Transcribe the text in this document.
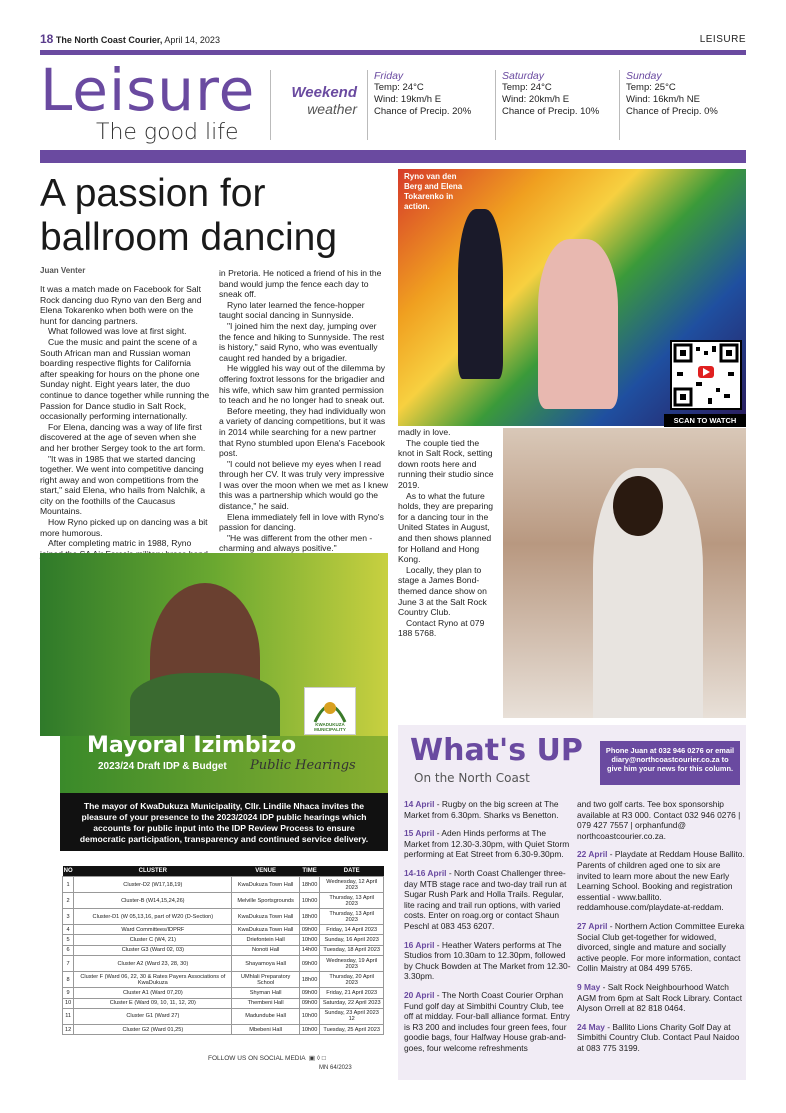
18 The North Coast Courier, April 14, 2023	LEISURE
Leisure
The good life
Weekend
weather
Friday
Temp: 24°C
Wind: 19km/h E
Chance of Precip. 20%
Saturday
Temp: 24°C
Wind: 20km/h E
Chance of Precip. 10%
Sunday
Temp: 25°C
Wind: 16km/h NE
Chance of Precip. 0%
A passion for ballroom dancing
Juan Venter

It was a match made on Facebook for Salt Rock dancing duo Ryno van den Berg and Elena Tokarenko when both were on the hunt for dancing partners.

What followed was love at first sight.

Cue the music and paint the scene of a South African man and Russian woman boarding respective flights for California after speaking for hours on the phone one Sunday night. Eight years later, the duo continue to dance together while running the Passion for Dance studio in Salt Rock, occasionally performing internationally.

For Elena, dancing was a way of life first discovered at the age of seven when she and her brother Sergey took to the art form.

"It was in 1985 that we started dancing together. We went into competitive dancing right away and won competitions from the start," said Elena, who hails from Nalchik, a city on the foothills of the Caucasus Mountains.

How Ryno picked up on dancing was a bit more humorous.

After completing matric in 1988, Ryno

in Pretoria. He noticed a friend of his in the band would jump the fence each day to sneak off.

Ryno later learned the fence-hopper taught social dancing in Sunnyside.

"I joined him the next day, jumping over the fence and hiking to Sunnyside. The rest is history," said Ryno, who was eventually caught red handed by a brigadier.

He wiggled his way out of the dilemma by offering foxtrot lessons for the brigadier and his wife, which saw him granted permission to teach and he no longer had to sneak out.

Before meeting, they had individually won a variety of dancing competitions, but it was in 2014 while searching for a new partner that Ryno stumbled upon Elena's Facebook post.

"I could not believe my eyes when I read through her CV. It was truly very impressive I was over the moon when we met as I knew this was a partnership which would go the distance," he said.

Elena immediately fell in love with Ryno's passion for dancing.

"He was different from the other men - charming and always positive."

Ryno van den Berg and Elena Tokarenko in action.
SCAN TO WATCH

madly in love.

The couple tied the knot in Salt Rock, setting down roots here and running their studio since 2019.

As to what the future holds, they are preparing for a dancing tour in the United States in August, and then shows planned for Holland and Hong Kong.

Locally, they plan to stage a James Bond-themed dance show on June 3 at the Salt Rock Country Club.

Contact Ryno at 079 188 5768.

Mayoral Izimbizo
2023/24 Draft IDP & Budget Public Hearings
KWADUKUZA MUNICIPALITY
The mayor of KwaDukuza Municipality, Cllr. Lindile Nhaca invites the pleasure of your presence to the 2023/2024 IDP public hearings which accounts for public input into the IDP Review Process to ensure democratic participation, transparency and continued service delivery.
NO	CLUSTER	VENUE	TIME	DATE
1	Cluster-D2 (W17,18,19)	KwaDukuza Town Hall	18h00	Wednesday, 12 April 2023
2	Cluster-B (W14,15,24,26)	Melville Sportsgrounds	10h00	Thursday, 13 April 2023
3	Cluster-D1 (W 05,13,16, part of W20 (D-Section)	KwaDukuza Town Hall	18h00	Thursday, 13 April 2023
4	Ward Committees/IDPRF	KwaDukuza Town Hall	09h00	Friday, 14 April 2023
5	Cluster C (W4, 21)	Driefontein Hall	10h00	Sunday, 16 April 2023
6	Cluster G3 (Ward 02, 03)	Nonoti Hall	14h00	Tuesday, 18 April 2023
7	Cluster A2 (Ward 23, 28, 30)	Shayamoya Hall	09h00	Wednesday, 19 April 2023
8	Cluster F (Ward 06, 22, 30 & Rates Payers Associations of KwaDukuza	UMhlali Preparatory School	18h00	Thursday, 20 April 2023
9	Cluster A1 (Ward 07,20)	Shyman Hall	09h00	Friday, 21 April 2023
10	Cluster E (Ward 09, 10, 11, 12, 20)	Thembeni Hall	09h00	Saturday, 22 April 2023
11	Cluster G1 (Ward 27)	Madundube Hall	10h00	Sunday, 23 April 2023 12
12	Cluster G2 (Ward 01,25)	Mbebeni Hall	10h00	Tuesday, 25 April 2023
FOLLOW US ON SOCIAL MEDIA  ▣ ◊ □
MN 64/2023
What's UP
On the North Coast
Phone Juan at 032 946 0276 or email diary@northcoastcourier.co.za to give him your news for this column.
14 April - Rugby on the big screen at The Market from 6.30pm. Sharks vs Benetton.
15 April - Aden Hinds performs at The Market from 12.30-3.30pm, with Quiet Storm performing at Eat Street from 6.30-9.30pm.
14-16 April - North Coast Challenger three-day MTB stage race and two-day trail run at Sugar Rush Park and Holla Trails. Regular, lite racing and trail run options, with varied costs. Enter on roag.org or contact Shaun Peschl at 083 453 6207.
16 April - Heather Waters performs at The Studios from 10.30am to 12.30pm, followed by Chuck Bowden at The Market from 12.30-3.30pm.
20 April - The North Coast Courier Orphan Fund golf day at Simbithi Country Club, tee off at midday. Four-ball alliance format. Entry is R3 200 and includes four green fees, four goodie bags, four Halfway House grab-and-goes, four welcome refreshments
and two golf carts. Tee box sponsorship available at R3 000. Contact 032 946 0276 | 079 427 7557 | orphanfund@ northcoastcourier.co.za.
22 April - Playdate at Reddam House Ballito. Parents of children aged one to six are invited to learn more about the new Early Learning School. Booking and registration essential - www.ballito. reddamhouse.com/playdate-at-reddam.
27 April - Northern Action Committee Eureka Social Club get-together for widowed, divorced, single and mature and socially active people. For more information, contact Collin Maistry at 084 499 5765.
9 May - Salt Rock Neighbourhood Watch AGM from 6pm at Salt Rock Library. Contact Alyson Orrell at 82 818 0464.
24 May - Ballito Lions Charity Golf Day at Simbithi Country Club. Contact Paul Naidoo at 083 775 3199.
